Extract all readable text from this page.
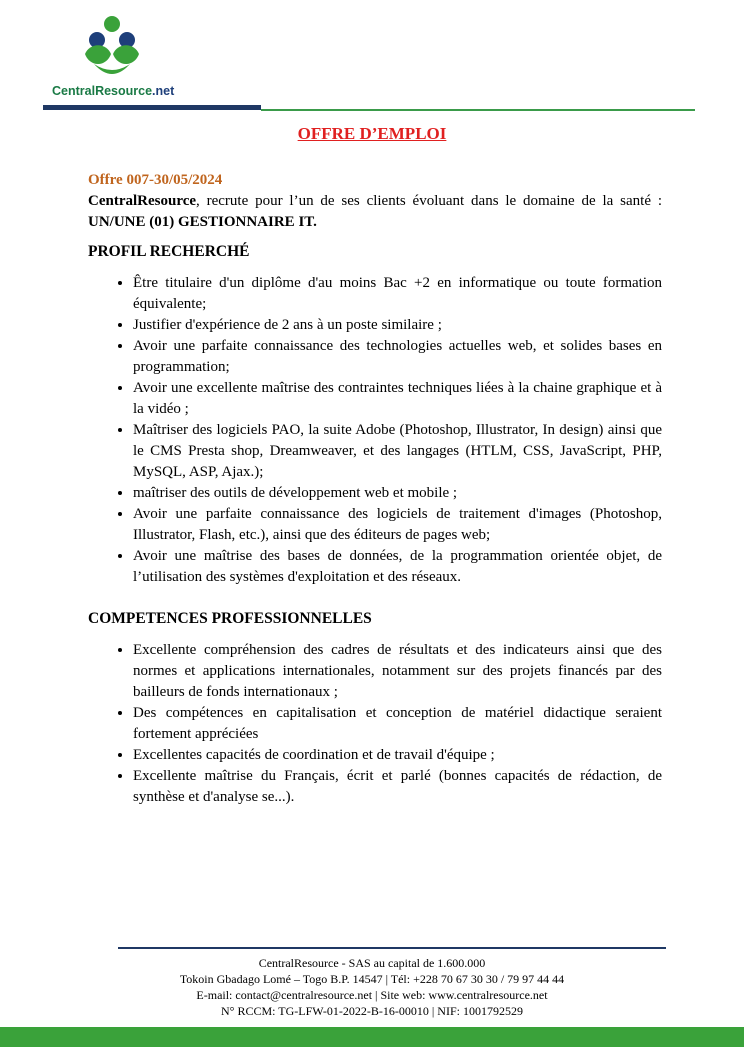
CentralResource.net
OFFRE D’EMPLOI
Offre 007-30/05/2024
CentralResource, recrute pour l’un de ses clients évoluant dans le domaine de la santé : UN/UNE (01) GESTIONNAIRE IT.
PROFIL RECHERCHÉ
• Être titulaire d'un diplôme d'au moins Bac +2 en informatique ou toute formation équivalente;
• Justifier d'expérience de 2 ans à un poste similaire ;
• Avoir une parfaite connaissance des technologies actuelles web, et solides bases en programmation;
• Avoir une excellente maîtrise des contraintes techniques liées à la chaine graphique et à la vidéo ;
• Maîtriser des logiciels PAO, la suite Adobe (Photoshop, Illustrator, In design) ainsi que le CMS Presta shop, Dreamweaver, et des langages (HTLM, CSS, JavaScript, PHP, MySQL, ASP, Ajax.);
• maîtriser des outils de développement web et mobile ;
• Avoir une parfaite connaissance des logiciels de traitement d'images (Photoshop, Illustrator, Flash, etc.), ainsi que des éditeurs de pages web;
• Avoir une maîtrise des bases de données, de la programmation orientée objet, de l’utilisation des systèmes d'exploitation et des réseaux.
COMPETENCES PROFESSIONNELLES
• Excellente compréhension des cadres de résultats et des indicateurs ainsi que des normes et applications internationales, notamment sur des projets financés par des bailleurs de fonds internationaux ;
• Des compétences en capitalisation et conception de matériel didactique seraient fortement appréciées
• Excellentes capacités de coordination et de travail d'équipe ;
• Excellente maîtrise du Français, écrit et parlé (bonnes capacités de rédaction, de synthèse et d'analyse se...).
CentralResource - SAS au capital de 1.600.000
Tokoin Gbadago Lomé – Togo B.P. 14547 | Tél: +228 70 67 30 30 / 79 97 44 44
E-mail: contact@centralresource.net | Site web: www.centralresource.net
N° RCCM: TG-LFW-01-2022-B-16-00010 | NIF: 1001792529
